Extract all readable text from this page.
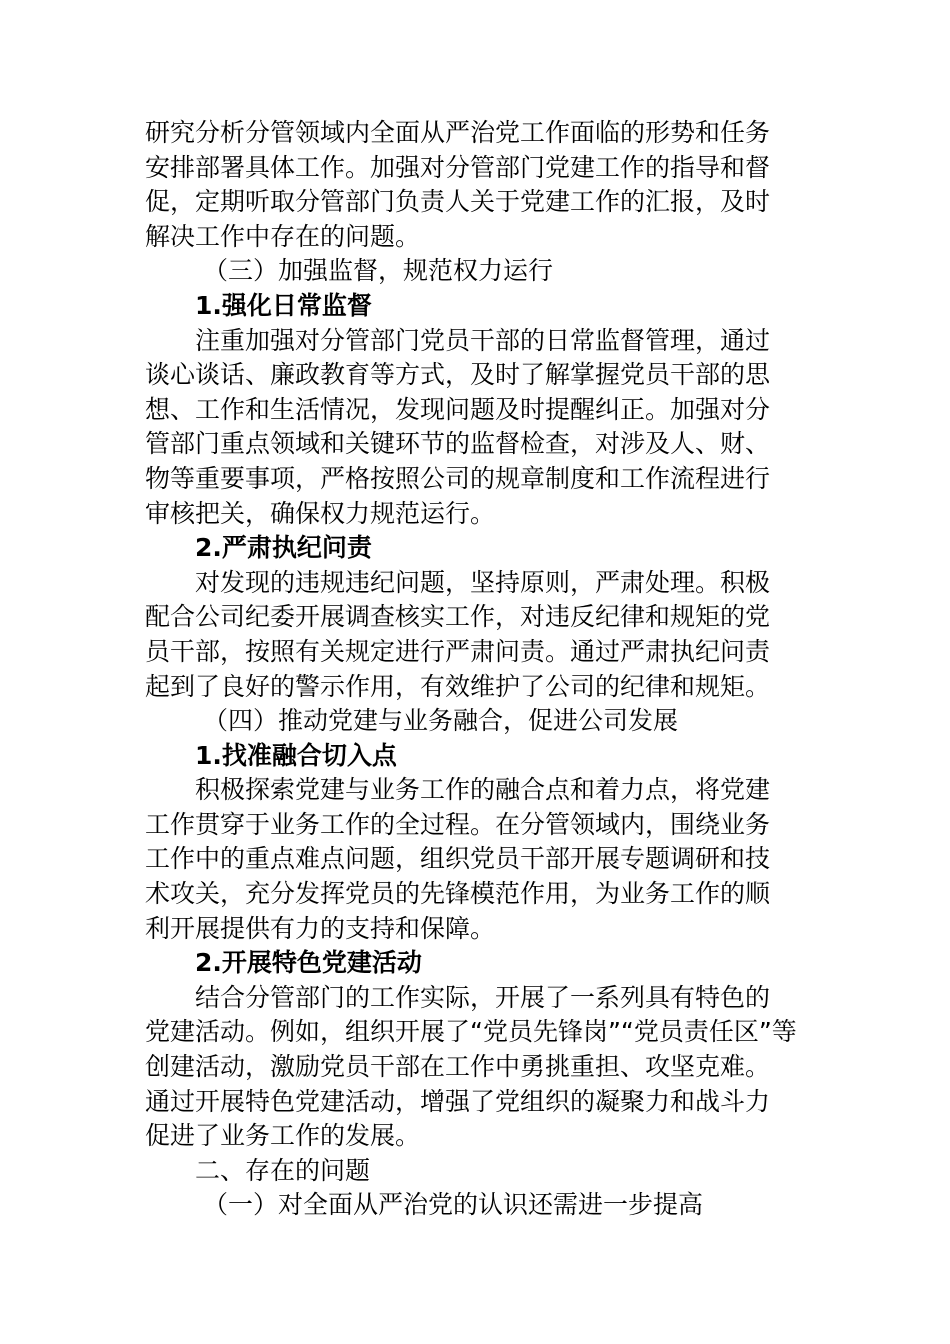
研究分析分管领域内全面从严治党工作面临的形势和任务
安排部署具体工作。加强对分管部门党建工作的指导和督
促，定期听取分管部门负责人关于党建工作的汇报，及时
解决工作中存在的问题。
（三）加强监督，规范权力运行
1.强化日常监督
注重加强对分管部门党员干部的日常监督管理，通过
谈心谈话、廉政教育等方式，及时了解掌握党员干部的思
想、工作和生活情况，发现问题及时提醒纠正。加强对分
管部门重点领域和关键环节的监督检查，对涉及人、财、
物等重要事项，严格按照公司的规章制度和工作流程进行
审核把关，确保权力规范运行。
2.严肃执纪问责
对发现的违规违纪问题，坚持原则，严肃处理。积极
配合公司纪委开展调查核实工作，对违反纪律和规矩的党
员干部，按照有关规定进行严肃问责。通过严肃执纪问责
起到了良好的警示作用，有效维护了公司的纪律和规矩。
（四）推动党建与业务融合，促进公司发展
1.找准融合切入点
积极探索党建与业务工作的融合点和着力点，将党建
工作贯穿于业务工作的全过程。在分管领域内，围绕业务
工作中的重点难点问题，组织党员干部开展专题调研和技
术攻关，充分发挥党员的先锋模范作用，为业务工作的顺
利开展提供有力的支持和保障。
2.开展特色党建活动
结合分管部门的工作实际，开展了一系列具有特色的
党建活动。例如，组织开展了“党员先锋岗”“党员责任区”等
创建活动，激励党员干部在工作中勇挑重担、攻坚克难。
通过开展特色党建活动，增强了党组织的凝聚力和战斗力
促进了业务工作的发展。
二、存在的问题
（一）对全面从严治党的认识还需进一步提高
